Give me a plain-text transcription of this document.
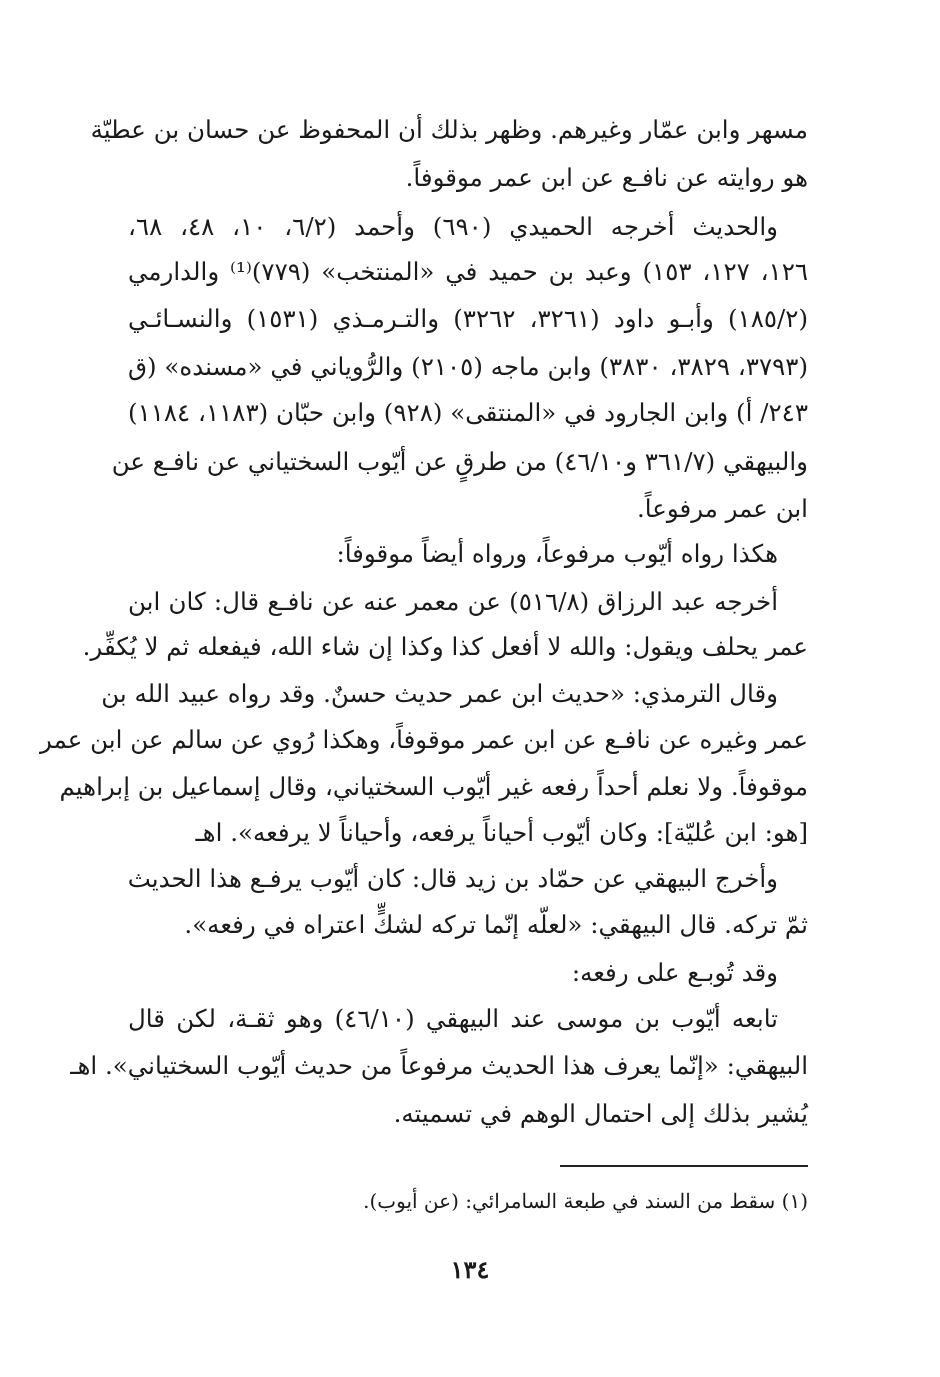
مسهر وابن عمّار وغيرهم. وظهر بذلك أن المحفوظ عن حسان بن عطيّة
هو روايته عن نافـع عن ابن عمر موقوفاً.
والحديث أخرجه الحميدي (٦٩٠) وأحمد (٦/٢، ١٠، ٤٨، ٦٨،
١٢٦، ١٢٧، ١٥٣) وعبد بن حميد في «المنتخب» (٧٧٩)⁽¹⁾ والدارمي
(١٨٥/٢) وأبـو داود (٣٢٦١، ٣٢٦٢) والتـرمـذي (١٥٣١) والنسـائـي
(٣٧٩٣، ٣٨٢٩، ٣٨٣٠) وابن ماجه (٢١٠٥) والرُّوياني في «مسنده» (ق
٢٤٣/ أ) وابن الجارود في «المنتقى» (٩٢٨) وابن حبّان (١١٨٣، ١١٨٤)
والبيهقي (٣٦١/٧ و٤٦/١٠) من طرقٍ عن أيّوب السختياني عن نافـع عن
ابن عمر مرفوعاً.
هكذا رواه أيّوب مرفوعاً، ورواه أيضاً موقوفاً:
أخرجه عبد الرزاق (٥١٦/٨) عن معمر عنه عن نافـع قال: كان ابن
عمر يحلف ويقول: والله لا أفعل كذا وكذا إن شاء الله، فيفعله ثم لا يُكفِّر.
وقال الترمذي: «حديث ابن عمر حديث حسنٌ. وقد رواه عبيد الله بن
عمر وغيره عن نافـع عن ابن عمر موقوفاً، وهكذا رُوي عن سالم عن ابن عمر
موقوفاً. ولا نعلم أحداً رفعه غير أيّوب السختياني، وقال إسماعيل بن إبراهيم
[هو: ابن عُليّة]: وكان أيّوب أحياناً يرفعه، وأحياناً لا يرفعه». اهـ
وأخرج البيهقي عن حمّاد بن زيد قال: كان أيّوب يرفـع هذا الحديث
ثمّ تركه. قال البيهقي: «لعلّه إنّما تركه لشكٍّ اعتراه في رفعه».
وقد تُوبـع على رفعه:
تابعه أيّوب بن موسى عند البيهقي (٤٦/١٠) وهو ثقـة، لكن قال
البيهقي: «إنّما يعرف هذا الحديث مرفوعاً من حديث أيّوب السختياني». اهـ
يُشير بذلك إلى احتمال الوهم في تسميته.
(١) سقط من السند في طبعة السامرائي: (عن أيوب).
١٣٤
